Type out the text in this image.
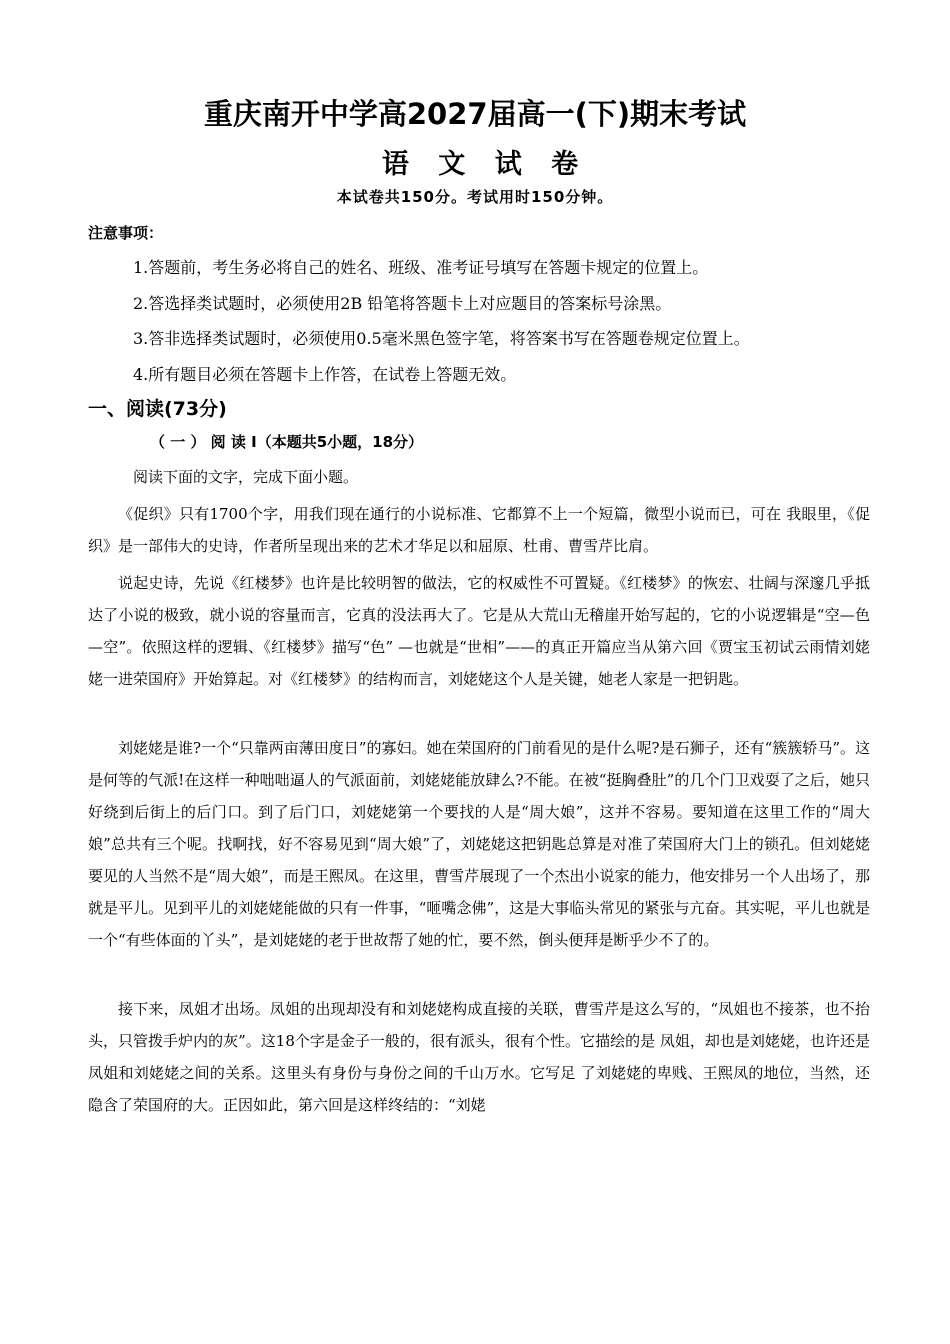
重庆南开中学高2027届高一(下)期末考试
语 文 试 卷
本试卷共150分。考试用时150分钟。
注意事项：
1.答题前，考生务必将自己的姓名、班级、准考证号填写在答题卡规定的位置上。
2.答选择类试题时，必须使用2B 铅笔将答题卡上对应题目的答案标号涂黑。
3.答非选择类试题时，必须使用0.5毫米黑色签字笔，将答案书写在答题卷规定位置上。
4.所有题目必须在答题卡上作答，在试卷上答题无效。
一、阅读(73分)
（ 一 ） 阅 读 I（本题共5小题，18分）
阅读下面的文字，完成下面小题。
《促织》只有1700个字，用我们现在通行的小说标准、它都算不上一个短篇，微型小说而已，可在 我眼里，《促织》是一部伟大的史诗，作者所呈现出来的艺术才华足以和屈原、杜甫、曹雪芹比肩。
说起史诗，先说《红楼梦》也许是比较明智的做法，它的权威性不可置疑。《红楼梦》的恢宏、壮阔与深邃几乎抵达了小说的极致，就小说的容量而言，它真的没法再大了。它是从大荒山无稽崖开始写起的，它的小说逻辑是“空—色—空”。依照这样的逻辑、《红楼梦》描写“色” —也就是“世相”——的真正开篇应当从第六回《贾宝玉初试云雨情刘姥姥一进荣国府》开始算起。对《红楼梦》的结构而言，刘姥姥这个人是关键，她老人家是一把钥匙。
刘姥姥是谁?一个“只靠两亩薄田度日”的寡妇。她在荣国府的门前看见的是什么呢?是石狮子，还有“簇簇轿马”。这是何等的气派!在这样一种咄咄逼人的气派面前，刘姥姥能放肆么?不能。在被“挺胸叠肚”的几个门卫戏耍了之后，她只好绕到后街上的后门口。到了后门口，刘姥姥第一个要找的人是“周大娘”，这并不容易。要知道在这里工作的“周大娘”总共有三个呢。找啊找，好不容易见到“周大娘”了，刘姥姥这把钥匙总算是对准了荣国府大门上的锁孔。但刘姥姥要见的人当然不是“周大娘”，而是王熙凤。在这里，曹雪芹展现了一个杰出小说家的能力，他安排另一个人出场了，那就是平儿。见到平儿的刘姥姥能做的只有一件事，“咂嘴念佛”，这是大事临头常见的紧张与亢奋。其实呢，平儿也就是一个“有些体面的丫头”，是刘姥姥的老于世故帮了她的忙，要不然，倒头便拜是断乎少不了的。
接下来，凤姐才出场。凤姐的出现却没有和刘姥姥构成直接的关联，曹雪芹是这么写的，“凤姐也不接茶，也不抬头，只管拨手炉内的灰”。这18个字是金子一般的，很有派头，很有个性。它描绘的是 凤姐，却也是刘姥姥，也许还是凤姐和刘姥姥之间的关系。这里头有身份与身份之间的千山万水。它写足 了刘姥姥的卑贱、王熙凤的地位，当然，还隐含了荣国府的大。正因如此，第六回是这样终结的：“刘姥
